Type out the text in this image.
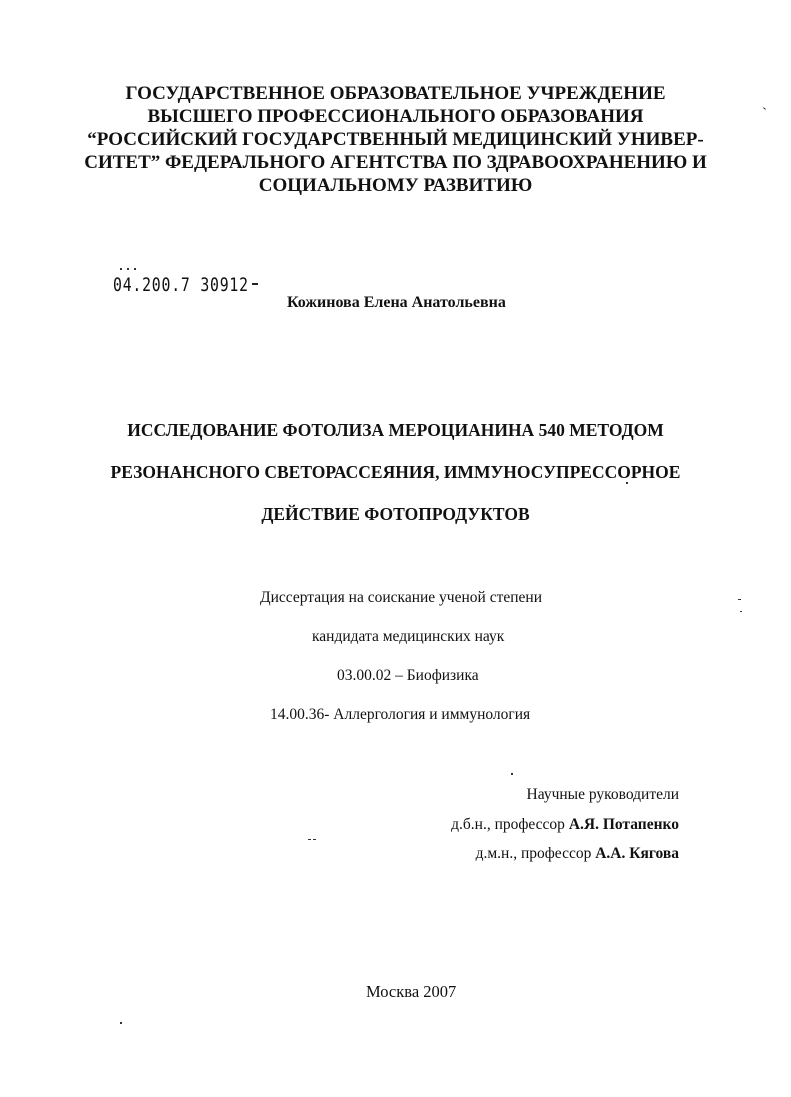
ГОСУДАРСТВЕННОЕ ОБРАЗОВАТЕЛЬНОЕ УЧРЕЖДЕНИЕ
ВЫСШЕГО ПРОФЕССИОНАЛЬНОГО ОБРАЗОВАНИЯ
“РОССИЙСКИЙ ГОСУДАРСТВЕННЫЙ МЕДИЦИНСКИЙ УНИВЕР-
СИТЕТ” ФЕДЕРАЛЬНОГО АГЕНТСТВА ПО ЗДРАВООХРАНЕНИЮ И
СОЦИАЛЬНОМУ РАЗВИТИЮ
04.200.7 30912
Кожинова Елена Анатольевна
ИССЛЕДОВАНИЕ ФОТОЛИЗА МЕРОЦИАНИНА 540 МЕТОДОМ
РЕЗОНАНСНОГО СВЕТОРАССЕЯНИЯ, ИММУНОСУПРЕССОРНОЕ
ДЕЙСТВИЕ ФОТОПРОДУКТОВ
Диссертация на соискание ученой степени
кандидата медицинских наук
03.00.02 – Биофизика
14.00.36- Аллергология и иммунология
Научные руководители
д.б.н., профессор А.Я. Потапенко
д.м.н., профессор А.А. Кягова
Москва 2007
